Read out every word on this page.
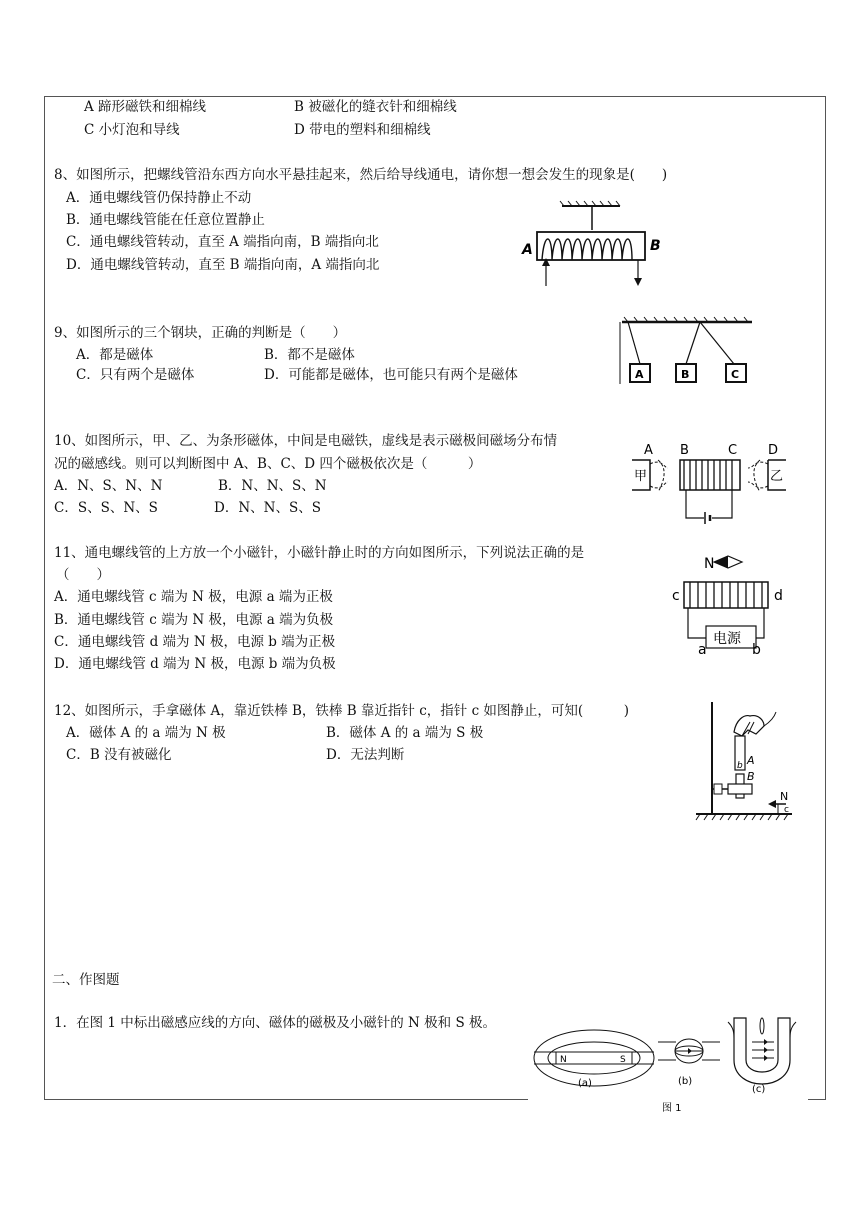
A 蹄形磁铁和细棉线	B 被磁化的缝衣针和细棉线
C 小灯泡和导线	D 带电的塑料和细棉线
8、如图所示，把螺线管沿东西方向水平悬挂起来，然后给导线通电，请你想一想会发生的现象是(　　)
A．通电螺线管仍保持静止不动
B．通电螺线管能在任意位置静止
C．通电螺线管转动，直至 A 端指向南，B 端指向北
D．通电螺线管转动，直至 B 端指向南，A 端指向北
A	B
9、如图所示的三个钢块，正确的判断是（　　）
A．都是磁体	B．都不是磁体
C．只有两个是磁体	D．可能都是磁体，也可能只有两个是磁体	A	B	C
10、如图所示，甲、乙、为条形磁体，中间是电磁铁，虚线是表示磁极间磁场分布情
况的磁感线。则可以判断图中 A、B、C、D 四个磁极依次是（　　　）
A．N、S、N、N	B．N、N、S、N
C．S、S、N、S	D．N、N、S、S
A B	C D
甲	乙
11、通电螺线管的上方放一个小磁针，小磁针静止时的方向如图所示，下列说法正确的是
（　　）
A．通电螺线管 c 端为 N 极，电源 a 端为正极
B．通电螺线管 c 端为 N 极，电源 a 端为负极
C．通电螺线管 d 端为 N 极，电源 b 端为正极
D．通电螺线管 d 端为 N 极，电源 b 端为负极
N
c	d
电源
a	b
12、如图所示，手拿磁体 A，靠近铁棒 B，铁棒 B 靠近指针 c，指针 c 如图静止，可知(　　　)
A．磁体 A 的 a 端为 N 极	B．磁体 A 的 a 端为 S 极
C．B 没有被磁化	D．无法判断	A
b
B
N
c
二、作图题
1．在图 1 中标出磁感应线的方向、磁体的磁极及小磁针的 N 极和 S 极。
N	S
(a)	(b)
(c)
图 1
